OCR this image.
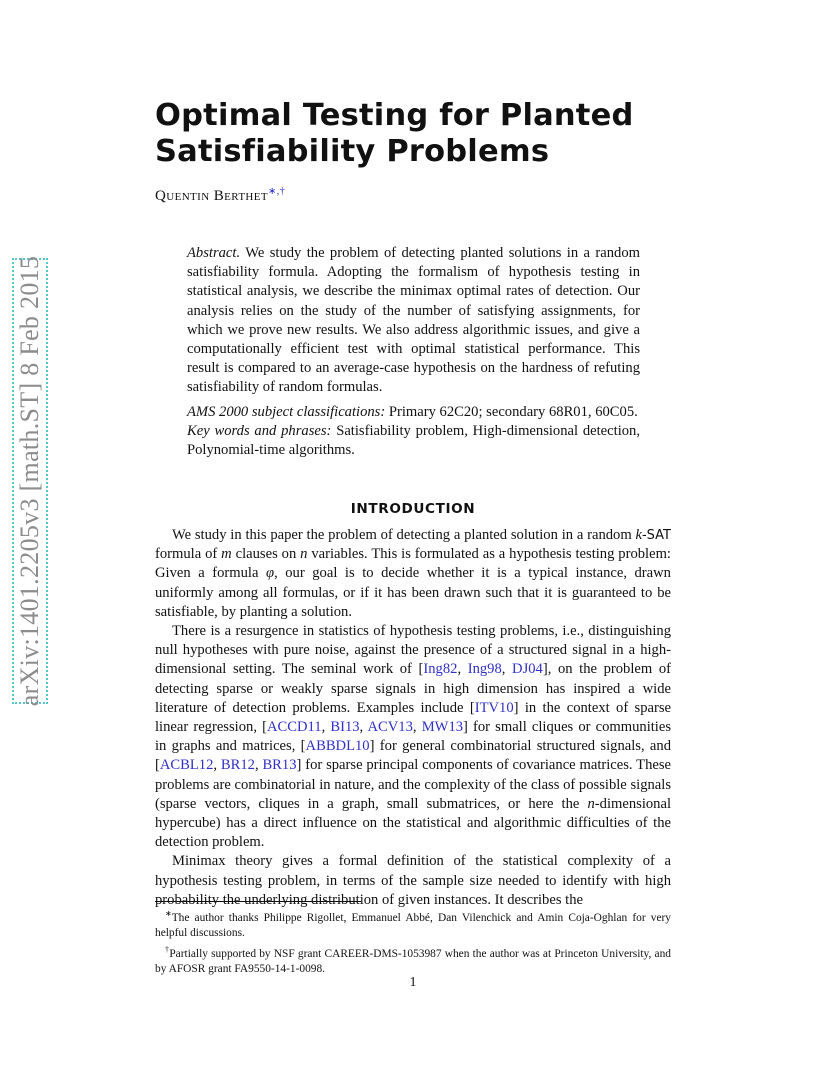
arXiv:1401.2205v3 [math.ST] 8 Feb 2015
Optimal Testing for Planted
Satisfiability Problems
Quentin Berthet∗,†

Abstract. We study the problem of detecting planted solutions in a random satisfiability formula. Adopting the formalism of hypothesis testing in statistical analysis, we describe the minimax optimal rates of detection. Our analysis relies on the study of the number of satisfying assignments, for which we prove new results. We also address algorithmic issues, and give a computationally efficient test with optimal statistical performance. This result is compared to an average-case hypothesis on the hardness of refuting satisfiability of random formulas.

AMS 2000 subject classifications: Primary 62C20; secondary 68R01, 60C05.

Key words and phrases: Satisfiability problem, High-dimensional detection, Polynomial-time algorithms.

INTRODUCTION

We study in this paper the problem of detecting a planted solution in a random k-SAT formula of m clauses on n variables. This is formulated as a hypothesis testing problem: Given a formula φ, our goal is to decide whether it is a typical instance, drawn uniformly among all formulas, or if it has been drawn such that it is guaranteed to be satisfiable, by planting a solution.

There is a resurgence in statistics of hypothesis testing problems, i.e., distinguishing null hypotheses with pure noise, against the presence of a structured signal in a high-dimensional setting. The seminal work of [Ing82, Ing98, DJ04], on the problem of detecting sparse or weakly sparse signals in high dimension has inspired a wide literature of detection problems. Examples include [ITV10] in the context of sparse linear regression, [ACCD11, BI13, ACV13, MW13] for small cliques or communities in graphs and matrices, [ABBDL10] for general combinatorial structured signals, and [ACBL12, BR12, BR13] for sparse principal components of covariance matrices. These problems are combinatorial in nature, and the complexity of the class of possible signals (sparse vectors, cliques in a graph, small submatrices, or here the n-dimensional hypercube) has a direct influence on the statistical and algorithmic difficulties of the detection problem.

Minimax theory gives a formal definition of the statistical complexity of a hypothesis testing problem, in terms of the sample size needed to identify with high probability the underlying distribution of given instances. It describes the

∗The author thanks Philippe Rigollet, Emmanuel Abbé, Dan Vilenchick and Amin Coja-Oghlan for very helpful discussions.

†Partially supported by NSF grant CAREER-DMS-1053987 when the author was at Princeton University, and by AFOSR grant FA9550-14-1-0098.

1
